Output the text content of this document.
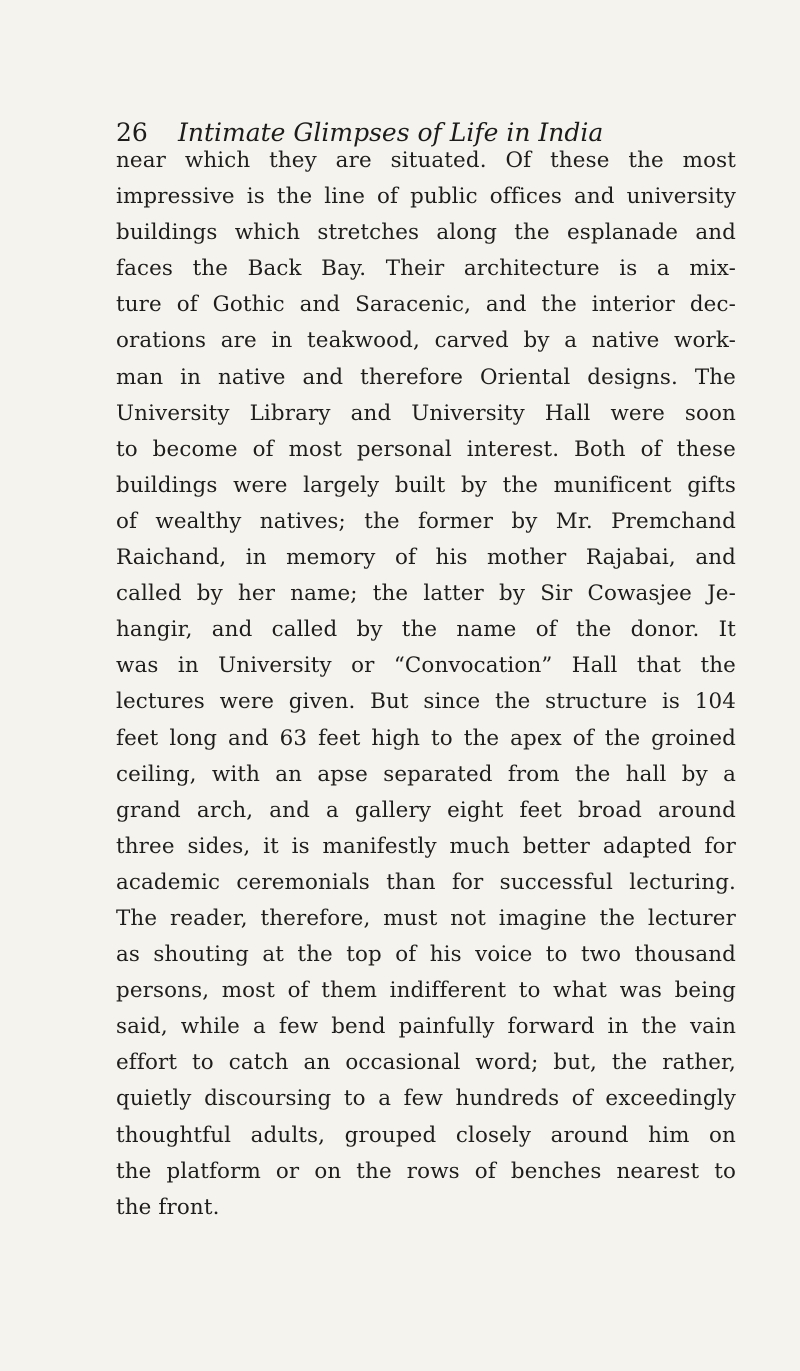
26 Intimate Glimpses of Life in India
near which they are situated. Of these the most
impressive is the line of public offices and university
buildings which stretches along the esplanade and
faces the Back Bay. Their architecture is a mix-
ture of Gothic and Saracenic, and the interior dec-
orations are in teakwood, carved by a native work-
man in native and therefore Oriental designs. The
University Library and University Hall were soon
to become of most personal interest. Both of these
buildings were largely built by the munificent gifts
of wealthy natives; the former by Mr. Premchand
Raichand, in memory of his mother Rajabai, and
called by her name; the latter by Sir Cowasjee Je-
hangir, and called by the name of the donor. It
was in University or “Convocation” Hall that the
lectures were given. But since the structure is 104
feet long and 63 feet high to the apex of the groined
ceiling, with an apse separated from the hall by a
grand arch, and a gallery eight feet broad around
three sides, it is manifestly much better adapted for
academic ceremonials than for successful lecturing.
The reader, therefore, must not imagine the lecturer
as shouting at the top of his voice to two thousand
persons, most of them indifferent to what was being
said, while a few bend painfully forward in the vain
effort to catch an occasional word; but, the rather,
quietly discoursing to a few hundreds of exceedingly
thoughtful adults, grouped closely around him on
the platform or on the rows of benches nearest to
the front.
